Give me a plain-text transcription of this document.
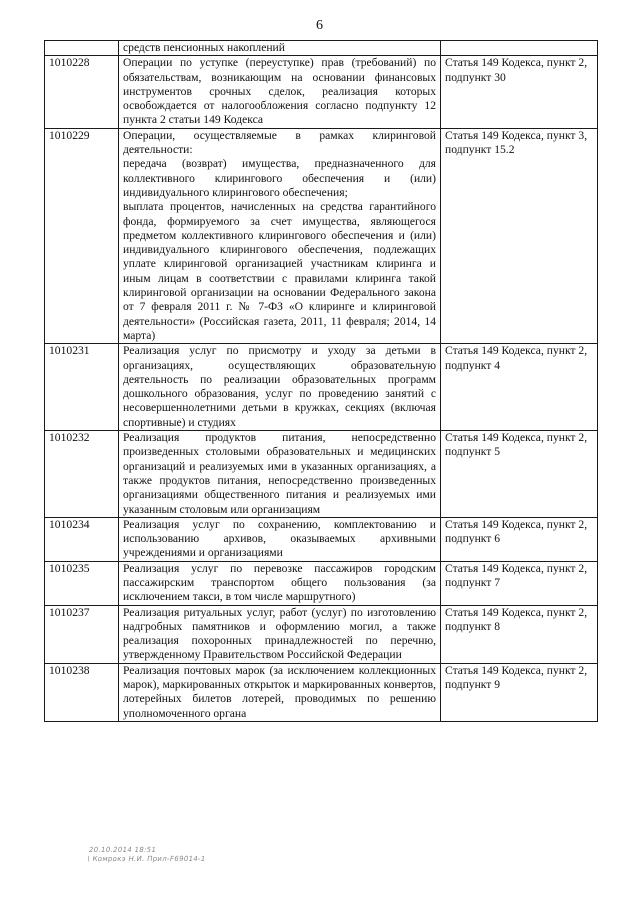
6
	средств пенсионных накоплений	
1010228	Операции по уступке (переуступке) прав (требований) по обязательствам, возникающим на основании финансовых инструментов срочных сделок, реализация которых освобождается от налогообложения согласно подпункту 12 пункта 2 статьи 149 Кодекса	Статья 149 Кодекса, пункт 2, подпункт 30
1010229	Операции, осуществляемые в рамках клиринговой деятельности:

передача (возврат) имущества, предназначенного для коллективного клирингового обеспечения и (или) индивидуального клирингового обеспечения;

выплата процентов, начисленных на средства гарантийного фонда, формируемого за счет имущества, являющегося предметом коллективного клирингового обеспечения и (или) индивидуального клирингового обеспечения, подлежащих уплате клиринговой организацией участникам клиринга и иным лицам в соответствии с правилами клиринга такой клиринговой организации на основании Федерального закона от 7 февраля 2011 г. № 7-ФЗ «О клиринге и клиринговой деятельности» (Российская газета, 2011, 11 февраля; 2014, 14 марта)	Статья 149 Кодекса, пункт 3, подпункт 15.2
1010231	Реализация услуг по присмотру и уходу за детьми в организациях, осуществляющих образовательную деятельность по реализации образовательных программ дошкольного образования, услуг по проведению занятий с несовершеннолетними детьми в кружках, секциях (включая спортивные) и студиях	Статья 149 Кодекса, пункт 2, подпункт 4
1010232	Реализация продуктов питания, непосредственно произведенных столовыми образовательных и медицинских организаций и реализуемых ими в указанных организациях, а также продуктов питания, непосредственно произведенных организациями общественного питания и реализуемых ими указанным столовым или организациям	Статья 149 Кодекса, пункт 2, подпункт 5
1010234	Реализация услуг по сохранению, комплектованию и использованию архивов, оказываемых архивными учреждениями и организациями	Статья 149 Кодекса, пункт 2, подпункт 6
1010235	Реализация услуг по перевозке пассажиров городским пассажирским транспортом общего пользования (за исключением такси, в том числе маршрутного)	Статья 149 Кодекса, пункт 2, подпункт 7
1010237	Реализация ритуальных услуг, работ (услуг) по изготовлению надгробных памятников и оформлению могил, а также реализация похоронных принадлежностей по перечню, утвержденному Правительством Российской Федерации	Статья 149 Кодекса, пункт 2, подпункт 8
1010238	Реализация почтовых марок (за исключением коллекционных марок), маркированных открыток и маркированных конвертов, лотерейных билетов лотерей, проводимых по решению уполномоченного органа	Статья 149 Кодекса, пункт 2, подпункт 9
20.10.2014 18:51
\ Комрокэ Н.И. Прил-F69014-1
